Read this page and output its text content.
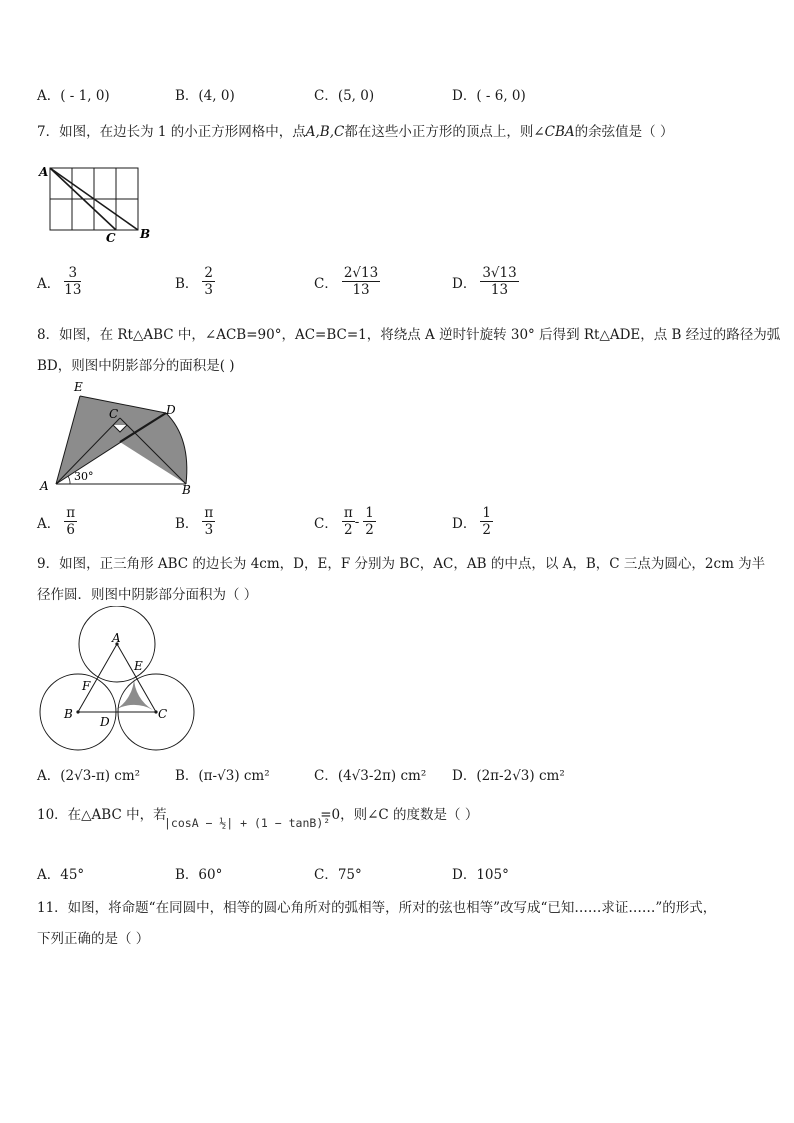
A．( - 1, 0)	B．(4, 0)	C．(5, 0)	D．( - 6, 0)
7．如图，在边长为 1 的小正方形网格中，点A,B,C都在这些小正方形的顶点上，则∠CBA的余弦值是（ ）
A
C B
A． $\frac{3}{13}$	B． $\frac{2}{3}$	C． $\frac{2√13}{13}$	D． $\frac{3√13}{13}$
8．如图，在 Rt△ABC 中，∠ACB=90°，AC=BC=1，将绕点 A 逆时针旋转 30° 后得到 Rt△ADE，点 B 经过的路径为弧
BD，则图中阴影部分的面积是( )
30°
A	B
C	D
E
A． $\frac{\pi}{6}$	B． $\frac{\pi}{3}$	C． $\frac{\pi}{2} - \frac{1}{2}$	D． $\frac{1}{2}$
9．如图，正三角形 ABC 的边长为 4cm，D，E，F 分别为 BC，AC，AB 的中点，以 A，B，C 三点为圆心，2cm 为半
径作圆．则图中阴影部分面积为（ ）
A
B	C
D
E
F
A．(2√3-π) cm²	B．(π-√3) cm²	C．(4√3-2π) cm² D．(2π-2√3) cm²
10．在△ABC 中，若	=0，则∠C 的度数是（ ）
|cosA − ½| + (1 − tanB)²
A．45°	B．60°	C．75°	D．105°
11．如图，将命题“在同圆中，相等的圆心角所对的弧相等，所对的弦也相等”改写成“已知……求证……”的形式，
下列正确的是（ ）
